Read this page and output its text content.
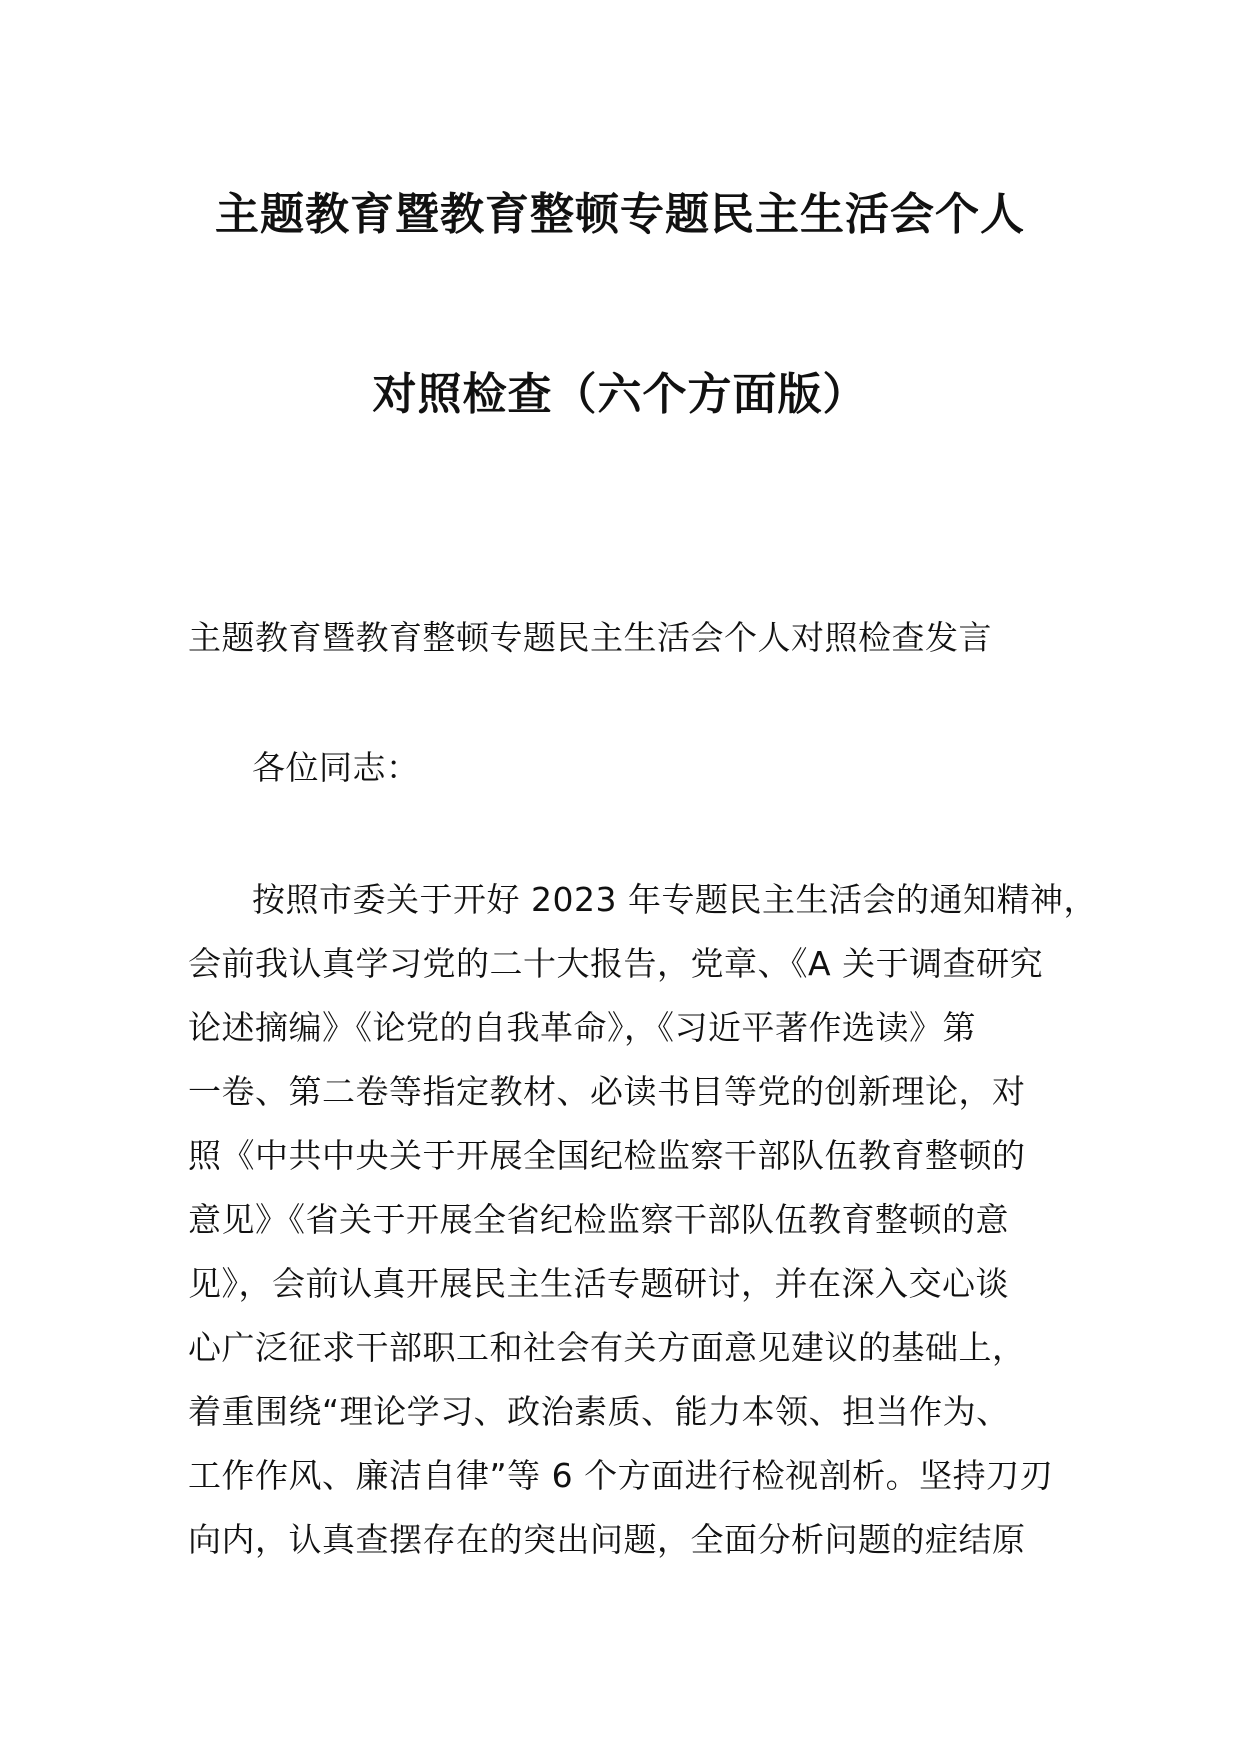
主题教育暨教育整顿专题民主生活会个人
对照检查（六个方面版）

主题教育暨教育整顿专题民主生活会个人对照检查发言

各位同志：

按照市委关于开好 2023 年专题民主生活会的通知精神，
会前我认真学习党的二十大报告，党章、《A 关于调查研究
论述摘编》《论党的自我革命》，《习近平著作选读》第
一卷、第二卷等指定教材、必读书目等党的创新理论，对
照《中共中央关于开展全国纪检监察干部队伍教育整顿的
意见》《省关于开展全省纪检监察干部队伍教育整顿的意
见》，会前认真开展民主生活专题研讨，并在深入交心谈
心广泛征求干部职工和社会有关方面意见建议的基础上，
着重围绕“理论学习、政治素质、能力本领、担当作为、
工作作风、廉洁自律”等 6 个方面进行检视剖析。坚持刀刃
向内，认真查摆存在的突出问题，全面分析问题的症结原
